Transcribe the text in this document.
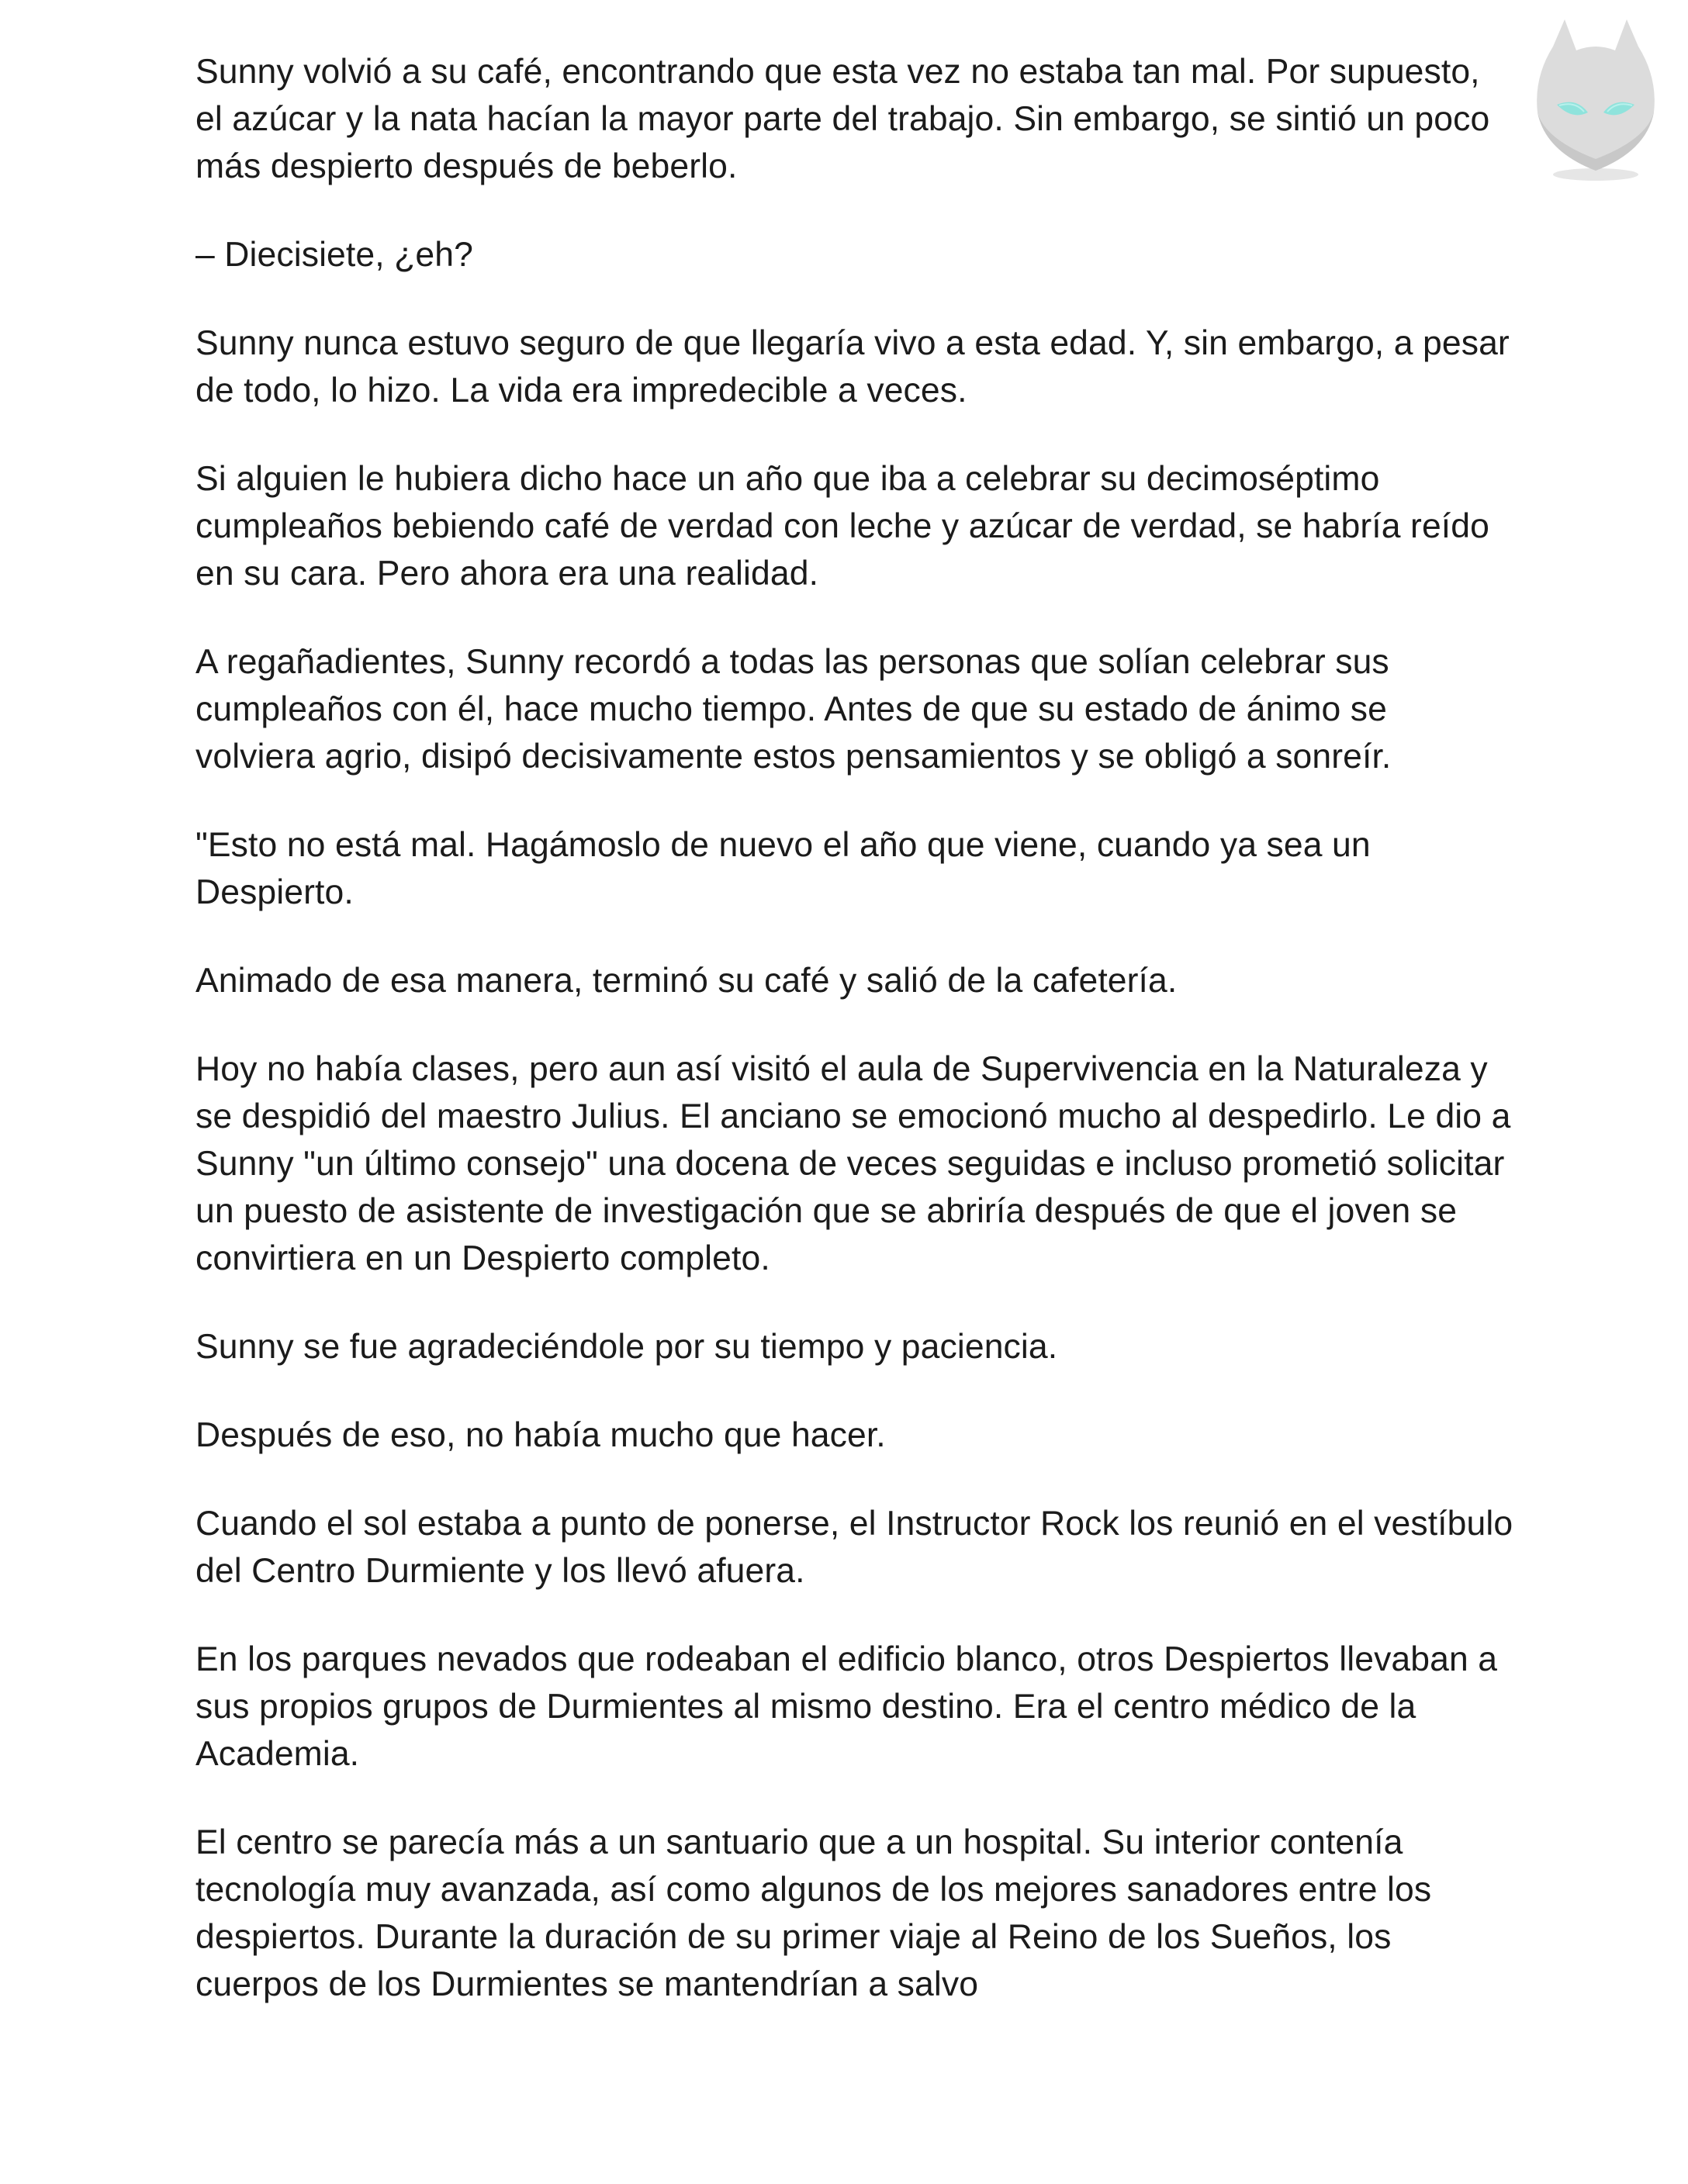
Sunny volvió a su café, encontrando que esta vez no estaba tan mal. Por supuesto, el azúcar y la nata hacían la mayor parte del trabajo. Sin embargo, se sintió un poco más despierto después de beberlo.

– Diecisiete, ¿eh?

Sunny nunca estuvo seguro de que llegaría vivo a esta edad. Y, sin embargo, a pesar de todo, lo hizo. La vida era impredecible a veces.

Si alguien le hubiera dicho hace un año que iba a celebrar su decimoséptimo cumpleaños bebiendo café de verdad con leche y azúcar de verdad, se habría reído en su cara. Pero ahora era una realidad.

A regañadientes, Sunny recordó a todas las personas que solían celebrar sus cumpleaños con él, hace mucho tiempo. Antes de que su estado de ánimo se volviera agrio, disipó decisivamente estos pensamientos y se obligó a sonreír.

"Esto no está mal. Hagámoslo de nuevo el año que viene, cuando ya sea un Despierto.

Animado de esa manera, terminó su café y salió de la cafetería.

Hoy no había clases, pero aun así visitó el aula de Supervivencia en la Naturaleza y se despidió del maestro Julius. El anciano se emocionó mucho al despedirlo. Le dio a Sunny "un último consejo" una docena de veces seguidas e incluso prometió solicitar un puesto de asistente de investigación que se abriría después de que el joven se convirtiera en un Despierto completo.

Sunny se fue agradeciéndole por su tiempo y paciencia.

Después de eso, no había mucho que hacer.

Cuando el sol estaba a punto de ponerse, el Instructor Rock los reunió en el vestíbulo del Centro Durmiente y los llevó afuera.

En los parques nevados que rodeaban el edificio blanco, otros Despiertos llevaban a sus propios grupos de Durmientes al mismo destino. Era el centro médico de la Academia.

El centro se parecía más a un santuario que a un hospital. Su interior contenía tecnología muy avanzada, así como algunos de los mejores sanadores entre los despiertos. Durante la duración de su primer viaje al Reino de los Sueños, los cuerpos de los Durmientes se mantendrían a salvo
